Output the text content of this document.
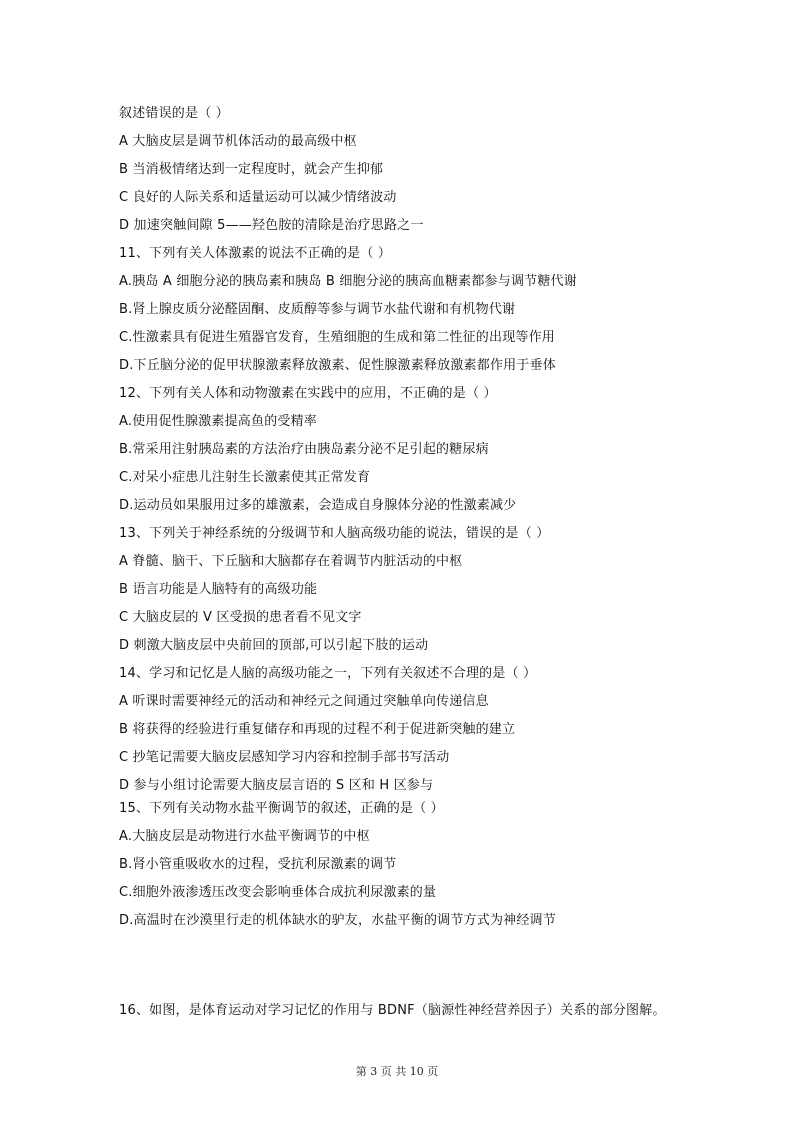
叙述错误的是（ ）
A 大脑皮层是调节机体活动的最高级中枢
B 当消极情绪达到一定程度时，就会产生抑郁
C 良好的人际关系和适量运动可以减少情绪波动
D 加速突触间隙 5——羟色胺的清除是治疗思路之一
11、下列有关人体激素的说法不正确的是（ ）
A.胰岛 A 细胞分泌的胰岛素和胰岛 B 细胞分泌的胰高血糖素都参与调节糖代谢
B.肾上腺皮质分泌醛固酮、皮质醇等参与调节水盐代谢和有机物代谢
C.性激素具有促进生殖器官发育，生殖细胞的生成和第二性征的出现等作用
D.下丘脑分泌的促甲状腺激素释放激素、促性腺激素释放激素都作用于垂体
12、下列有关人体和动物激素在实践中的应用，不正确的是（ ）
A.使用促性腺激素提高鱼的受精率
B.常采用注射胰岛素的方法治疗由胰岛素分泌不足引起的糖尿病
C.对呆小症患儿注射生长激素使其正常发育
D.运动员如果服用过多的雄激素，会造成自身腺体分泌的性激素减少
13、下列关于神经系统的分级调节和人脑高级功能的说法，错误的是（ ）
A 脊髓、脑干、下丘脑和大脑都存在着调节内脏活动的中枢
B 语言功能是人脑特有的高级功能
C 大脑皮层的 V 区受损的患者看不见文字
D 刺激大脑皮层中央前回的顶部,可以引起下肢的运动
14、学习和记忆是人脑的高级功能之一，下列有关叙述不合理的是（ ）
A 听课时需要神经元的活动和神经元之间通过突触单向传递信息
B 将获得的经验进行重复储存和再现的过程不利于促进新突触的建立
C 抄笔记需要大脑皮层感知学习内容和控制手部书写活动
D 参与小组讨论需要大脑皮层言语的 S 区和 H 区参与
15、下列有关动物水盐平衡调节的叙述，正确的是（ ）
A.大脑皮层是动物进行水盐平衡调节的中枢
B.肾小管重吸收水的过程，受抗利尿激素的调节
C.细胞外液渗透压改变会影响垂体合成抗利尿激素的量
D.高温时在沙漠里行走的机体缺水的驴友，水盐平衡的调节方式为神经调节
16、如图，是体育运动对学习记忆的作用与 BDNF（脑源性神经营养因子）关系的部分图解。
第 3 页 共 10 页
